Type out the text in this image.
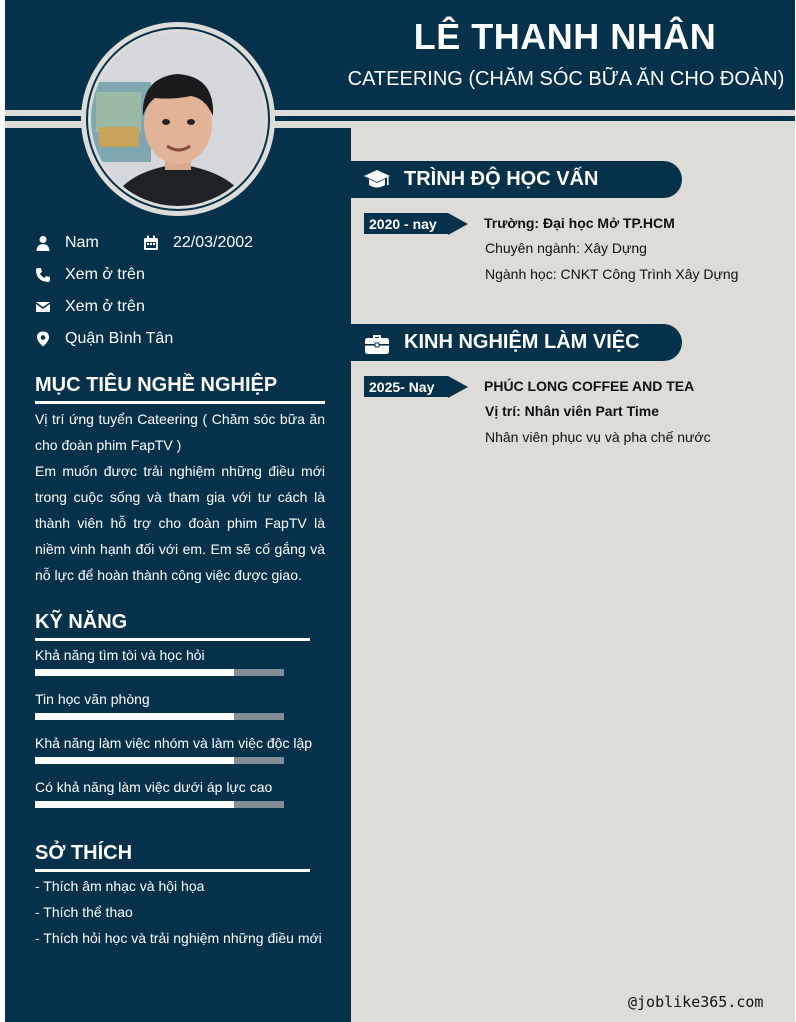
LÊ THANH NHÂN
CATEERING (CHĂM SÓC BỮA ĂN CHO ĐOÀN)
Nam	22/03/2002
Xem ở trên
Xem ở trên
Quận Bình Tân
MỤC TIÊU NGHỀ NGHIỆP

Vị trí ứng tuyển Cateering ( Chăm sóc bữa ăn cho đoàn phim FapTV )

Em muốn được trải nghiệm những điều mới trong cuộc sống và tham gia với tư cách là thành viên hỗ trợ cho đoàn phim FapTV là niềm vinh hạnh đối với em. Em sẽ cố gắng và nỗ lực để hoàn thành công việc được giao.

KỸ NĂNG
Khả năng tìm tòi và học hỏi
Tin học văn phòng
Khả năng làm việc nhóm và làm việc độc lập
Có khả năng làm việc dưới áp lực cao
SỞ THÍCH
- Thích âm nhạc và hội họa
- Thích thể thao
- Thích hỏi học và trải nghiệm những điều mới
TRÌNH ĐỘ HỌC VẤN
2020 - nay	Trường: Đại học Mở TP.HCM
Chuyên ngành: Xây Dựng
Ngành học: CNKT Công Trình Xây Dựng
KINH NGHIỆM LÀM VIỆC
2025- Nay	PHÚC LONG COFFEE AND TEA
Vị trí: Nhân viên Part Time
Nhân viên phục vụ và pha chế nước
@joblike365.com
